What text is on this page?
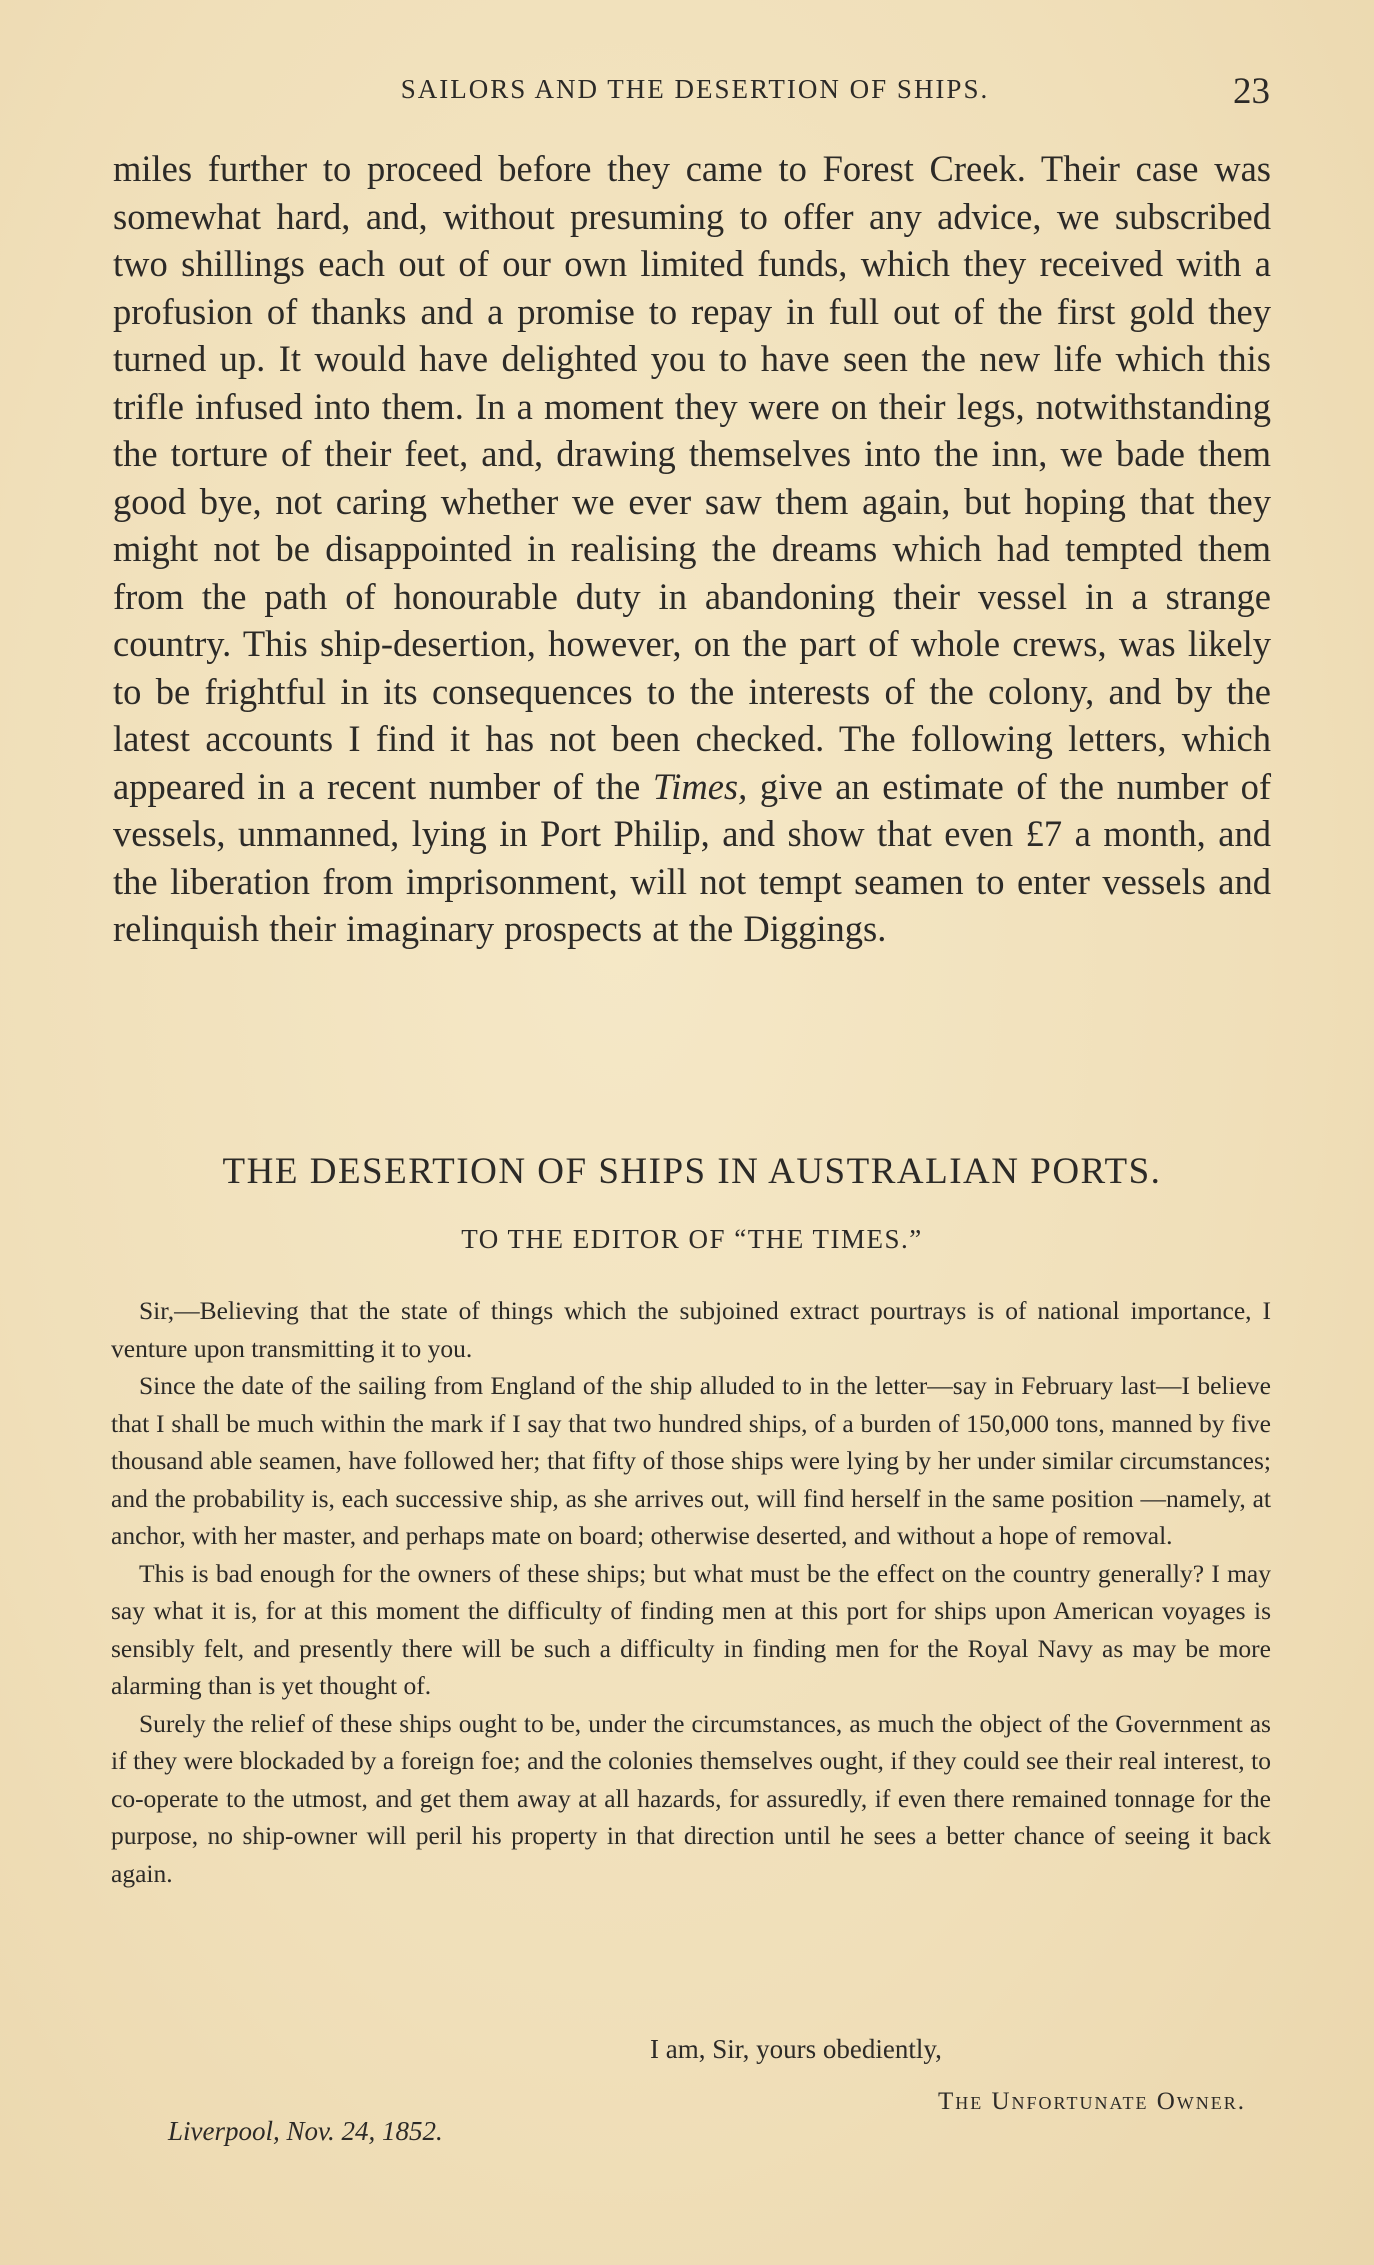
SAILORS AND THE DESERTION OF SHIPS.	23

miles further to proceed before they came to Forest Creek. Their case was somewhat hard, and, without presuming to offer any advice, we subscribed two shillings each out of our own limited funds, which they received with a profusion of thanks and a promise to repay in full out of the first gold they turned up. It would have delighted you to have seen the new life which this trifle infused into them. In a moment they were on their legs, notwithstanding the torture of their feet, and, drawing themselves into the inn, we bade them good bye, not caring whether we ever saw them again, but hoping that they might not be disappointed in realising the dreams which had tempted them from the path of honourable duty in abandoning their vessel in a strange country. This ship-desertion, however, on the part of whole crews, was likely to be frightful in its consequences to the interests of the colony, and by the latest accounts I find it has not been checked. The following letters, which appeared in a recent number of the Times, give an estimate of the number of vessels, unmanned, lying in Port Philip, and show that even £7 a month, and the liberation from imprisonment, will not tempt seamen to enter vessels and relinquish their imaginary prospects at the Diggings.

THE DESERTION OF SHIPS IN AUSTRALIAN PORTS.
TO THE EDITOR OF “THE TIMES.”

Sir,—Believing that the state of things which the subjoined extract pourtrays is of national importance, I venture upon transmitting it to you.

Since the date of the sailing from England of the ship alluded to in the letter—say in February last—I believe that I shall be much within the mark if I say that two hundred ships, of a burden of 150,000 tons, manned by five thousand able seamen, have followed her; that fifty of those ships were lying by her under similar circumstances; and the probability is, each successive ship, as she arrives out, will find herself in the same position —namely, at anchor, with her master, and perhaps mate on board; otherwise deserted, and without a hope of removal.

This is bad enough for the owners of these ships; but what must be the effect on the country generally? I may say what it is, for at this moment the difficulty of finding men at this port for ships upon American voyages is sensibly felt, and presently there will be such a difficulty in finding men for the Royal Navy as may be more alarming than is yet thought of.

Surely the relief of these ships ought to be, under the circumstances, as much the object of the Government as if they were blockaded by a foreign foe; and the colonies themselves ought, if they could see their real interest, to co-operate to the utmost, and get them away at all hazards, for assuredly, if even there remained tonnage for the purpose, no ship-owner will peril his property in that direction until he sees a better chance of seeing it back again.

I am, Sir, yours obediently,
The Unfortunate Owner.
Liverpool, Nov. 24, 1852.
